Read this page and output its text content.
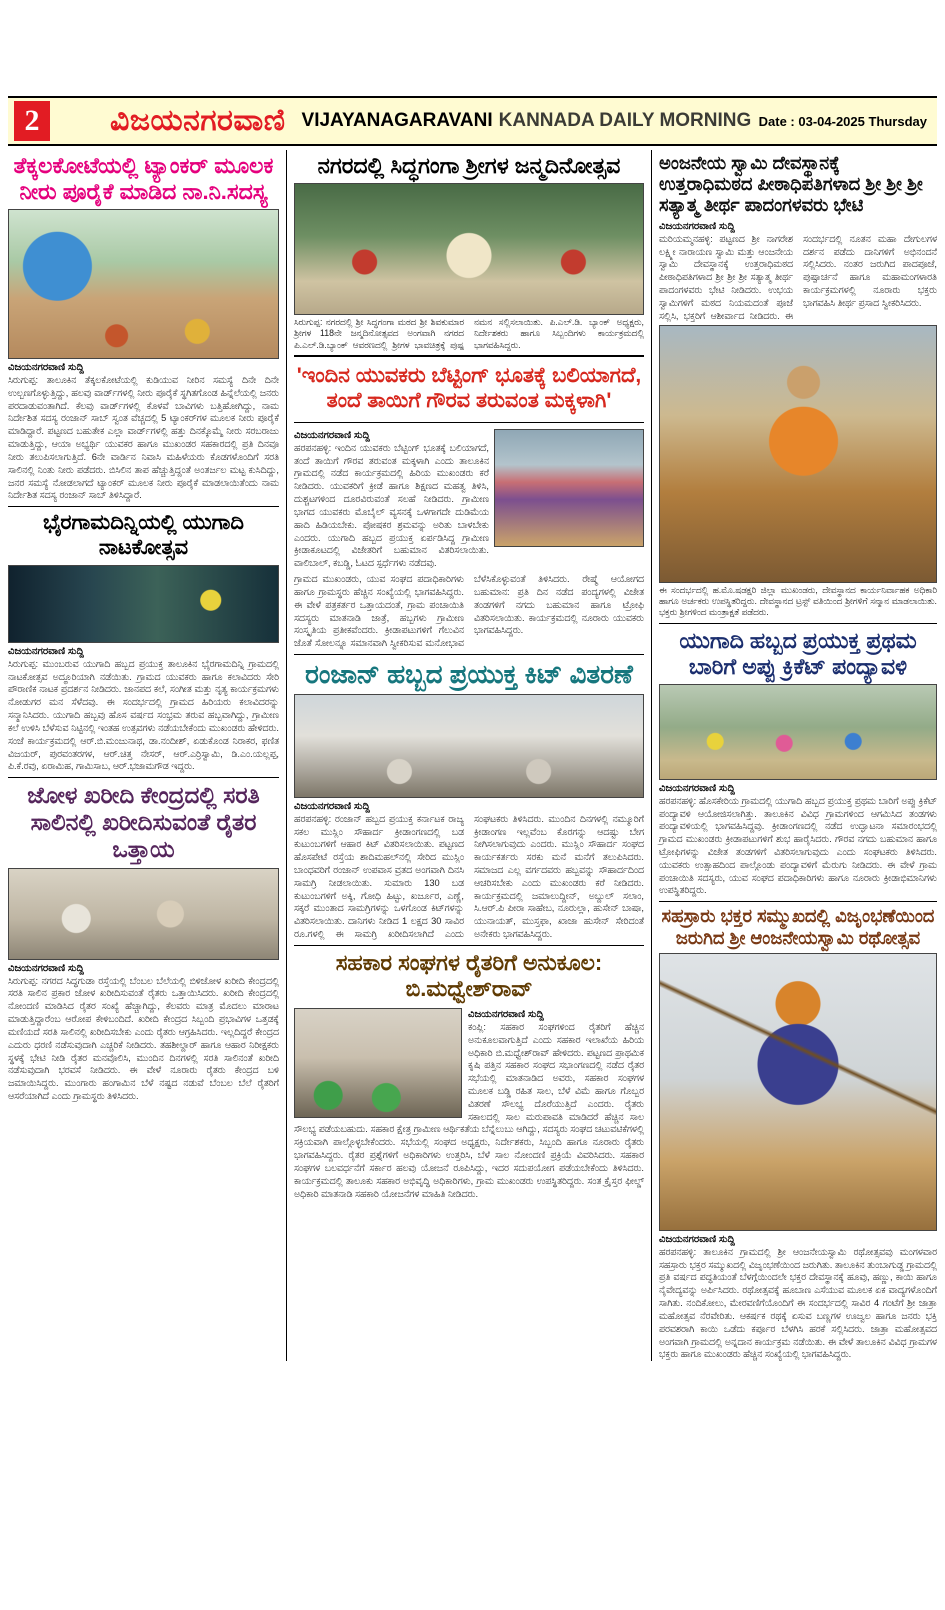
2	ವಿಜಯನಗರವಾಣಿ VIJAYANAGARAVANI KANNADA DAILY MORNING Date : 03-04-2025 Thursday
ತೆಕ್ಕಲಕೋಟೆಯಲ್ಲಿ ಟ್ಯಾಂಕರ್ ಮೂಲಕ ನೀರು ಪೂರೈಕೆ ಮಾಡಿದ ನಾ.ನಿ.ಸದಸ್ಯ
ವಿಜಯನಗರವಾಣಿ ಸುದ್ದಿ
ಸಿರುಗುಪ್ಪ: ತಾಲೂಕಿನ ತೆಕ್ಕಲಕೋಟೆಯಲ್ಲಿ ಕುಡಿಯುವ ನೀರಿನ ಸಮಸ್ಯೆ ದಿನೇ ದಿನೇ ಉಲ್ಬಣಗೊಳ್ಳುತ್ತಿದ್ದು, ಹಲವು ವಾರ್ಡ್‌ಗಳಲ್ಲಿ ನೀರು ಪೂರೈಕೆ ಸ್ಥಗಿತಗೊಂಡ ಹಿನ್ನೆಲೆಯಲ್ಲಿ ಜನರು ಪರದಾಡುವಂತಾಗಿದೆ. ಕೆಲವು ವಾರ್ಡ್‌ಗಳಲ್ಲಿ ಕೊಳವೆ ಬಾವಿಗಳು ಬತ್ತಿಹೋಗಿದ್ದು, ನಾಮ ನಿರ್ದೇಶಿತ ಸದಸ್ಯ ರಂಜಾನ್ ಸಾಬ್ ಸ್ವಂತ ವೆಚ್ಚದಲ್ಲಿ 5 ಟ್ಯಾಂಕರ್‌ಗಳ ಮೂಲಕ ನೀರು ಪೂರೈಕೆ ಮಾಡಿದ್ದಾರೆ. ಪಟ್ಟಣದ ಬಹುತೇಕ ಎಲ್ಲಾ ವಾರ್ಡ್‌ಗಳಲ್ಲಿ ಹತ್ತು ದಿನಕ್ಕೊಮ್ಮೆ ನೀರು ಸರಬರಾಜು ಮಾಡುತ್ತಿದ್ದು, ಆಯಾ ಅಭ್ಯರ್ಥಿ ಯುವಕರ ಹಾಗೂ ಮುಖಂಡರ ಸಹಕಾರದಲ್ಲಿ ಪ್ರತಿ ದಿನವೂ ನೀರು ತಲುಪಿಸಲಾಗುತ್ತಿದೆ. 6ನೇ ವಾರ್ಡಿನ ನಿವಾಸಿ ಮಹಿಳೆಯರು ಕೊಡಗಳೊಂದಿಗೆ ಸರತಿ ಸಾಲಿನಲ್ಲಿ ನಿಂತು ನೀರು ಪಡೆದರು. ಬಿಸಿಲಿನ ತಾಪ ಹೆಚ್ಚುತ್ತಿದ್ದಂತೆ ಅಂತರ್ಜಲ ಮಟ್ಟ ಕುಸಿದಿದ್ದು, ಜನರ ಸಮಸ್ಯೆ ನೋಡಲಾಗದೆ ಟ್ಯಾಂಕರ್ ಮೂಲಕ ನೀರು ಪೂರೈಕೆ ಮಾಡಲಾಯಿತೆಂದು ನಾಮ ನಿರ್ದೇಶಿತ ಸದಸ್ಯ ರಂಜಾನ್ ಸಾಬ್ ತಿಳಿಸಿದ್ದಾರೆ.
ಭೈರಗಾಮದಿನ್ನಿಯಲ್ಲಿ ಯುಗಾದಿ ನಾಟಕೋತ್ಸವ
ವಿಜಯನಗರವಾಣಿ ಸುದ್ದಿ
ಸಿರುಗುಪ್ಪ: ಮುಂಬರುವ ಯುಗಾದಿ ಹಬ್ಬದ ಪ್ರಯುಕ್ತ ತಾಲೂಕಿನ ಭೈರಗಾಮದಿನ್ನಿ ಗ್ರಾಮದಲ್ಲಿ ನಾಟಕೋತ್ಸವ ಅದ್ಧೂರಿಯಾಗಿ ನಡೆಯಿತು. ಗ್ರಾಮದ ಯುವಕರು ಹಾಗೂ ಕಲಾವಿದರು ಸೇರಿ ಪೌರಾಣಿಕ ನಾಟಕ ಪ್ರದರ್ಶನ ನೀಡಿದರು. ಜಾನಪದ ಕಲೆ, ಸಂಗೀತ ಮತ್ತು ನೃತ್ಯ ಕಾರ್ಯಕ್ರಮಗಳು ನೋಡುಗರ ಮನ ಸೆಳೆದವು. ಈ ಸಂದರ್ಭದಲ್ಲಿ ಗ್ರಾಮದ ಹಿರಿಯರು ಕಲಾವಿದರನ್ನು ಸನ್ಮಾನಿಸಿದರು. ಯುಗಾದಿ ಹಬ್ಬವು ಹೊಸ ವರ್ಷದ ಸಂಭ್ರಮ ತರುವ ಹಬ್ಬವಾಗಿದ್ದು, ಗ್ರಾಮೀಣ ಕಲೆ ಉಳಿಸಿ ಬೆಳೆಸುವ ನಿಟ್ಟಿನಲ್ಲಿ ಇಂತಹ ಉತ್ಸವಗಳು ನಡೆಯಬೇಕೆಂದು ಮುಖಂಡರು ಹೇಳಿದರು. ಸಂಜೆ ಕಾರ್ಯಕ್ರಮದಲ್ಲಿ ಆರ್.ಬಿ.ಮಂಜುನಾಥ, ಡಾ.ನಂದೀಶ್, ಏಡುಕೊಂಡ ನಿರಾಕರ, ಫಣಿತ ವಿಜಯರ್, ಪುರವಂತರಗಳ, ಆರ್.ಚಿತ್ತ ನೇಸರ್, ಆರ್.ಎರ್ರಿಸ್ವಾಮಿ, ಡಿ.ಎಂ.ಯಲ್ಲಪ್ಪ, ಪಿ.ಕೆ.ರವು, ಏರಾಮಿಹ, ಗಾಮಿಸಾಬ, ಆರ್.ಭಜಾಮಗೌಡ ಇದ್ದರು.
ಜೋಳ ಖರೀದಿ ಕೇಂದ್ರದಲ್ಲಿ ಸರತಿ ಸಾಲಿನಲ್ಲಿ ಖರೀದಿಸುವಂತೆ ರೈತರ ಒತ್ತಾಯ
ವಿಜಯನಗರವಾಣಿ ಸುದ್ದಿ
ಸಿರುಗುಪ್ಪ: ನಗರದ ಸಿದ್ಧಗುಡಾ ರಸ್ತೆಯಲ್ಲಿ ಬೆಂಬಲ ಬೆಲೆಯಲ್ಲಿ ಬಿಳಿಜೋಳ ಖರೀದಿ ಕೇಂದ್ರದಲ್ಲಿ ಸರತಿ ಸಾಲಿನ ಪ್ರಕಾರ ಜೋಳ ಖರೀದಿಸುವಂತೆ ರೈತರು ಒತ್ತಾಯಿಸಿದರು. ಖರೀದಿ ಕೇಂದ್ರದಲ್ಲಿ ನೋಂದಣಿ ಮಾಡಿಸಿದ ರೈತರ ಸಂಖ್ಯೆ ಹೆಚ್ಚಾಗಿದ್ದು, ಕೆಲವರು ಮಾತ್ರ ಮೊದಲು ಮಾರಾಟ ಮಾಡುತ್ತಿದ್ದಾರೆಂಬ ಆರೋಪ ಕೇಳಿಬಂದಿದೆ. ಖರೀದಿ ಕೇಂದ್ರದ ಸಿಬ್ಬಂದಿ ಪ್ರಭಾವಿಗಳ ಒತ್ತಡಕ್ಕೆ ಮಣಿಯದೆ ಸರತಿ ಸಾಲಿನಲ್ಲಿ ಖರೀದಿಸಬೇಕು ಎಂದು ರೈತರು ಆಗ್ರಹಿಸಿದರು. ಇಲ್ಲದಿದ್ದರೆ ಕೇಂದ್ರದ ಎದುರು ಧರಣಿ ನಡೆಸುವುದಾಗಿ ಎಚ್ಚರಿಕೆ ನೀಡಿದರು. ತಹಶೀಲ್ದಾರ್ ಹಾಗೂ ಆಹಾರ ನಿರೀಕ್ಷಕರು ಸ್ಥಳಕ್ಕೆ ಭೇಟಿ ನೀಡಿ ರೈತರ ಮನವೊಲಿಸಿ, ಮುಂದಿನ ದಿನಗಳಲ್ಲಿ ಸರತಿ ಸಾಲಿನಂತೆ ಖರೀದಿ ನಡೆಸುವುದಾಗಿ ಭರವಸೆ ನೀಡಿದರು. ಈ ವೇಳೆ ನೂರಾರು ರೈತರು ಕೇಂದ್ರದ ಬಳಿ ಜಮಾಯಿಸಿದ್ದರು. ಮುಂಗಾರು ಹಂಗಾಮಿನ ಬೆಳೆ ನಷ್ಟದ ನಡುವೆ ಬೆಂಬಲ ಬೆಲೆ ರೈತರಿಗೆ ಆಸರೆಯಾಗಿದೆ ಎಂದು ಗ್ರಾಮಸ್ಥರು ತಿಳಿಸಿದರು.
ನಗರದಲ್ಲಿ ಸಿದ್ಧಗಂಗಾ ಶ್ರೀಗಳ ಜನ್ಮದಿನೋತ್ಸವ
ಸಿರುಗುಪ್ಪ: ನಗರದಲ್ಲಿ ಶ್ರೀ ಸಿದ್ಧಗಂಗಾ ಮಠದ ಶ್ರೀ ಶಿವಕುಮಾರ ಶ್ರೀಗಳ 118ನೇ ಜನ್ಮದಿನೋತ್ಸವದ ಅಂಗವಾಗಿ ನಗರದ ಪಿ.ಎಲ್.ಡಿ.ಬ್ಯಾಂಕ್ ಆವರಣದಲ್ಲಿ ಶ್ರೀಗಳ ಭಾವಚಿತ್ರಕ್ಕೆ ಪುಷ್ಪ ನಮನ ಸಲ್ಲಿಸಲಾಯಿತು. ಪಿ.ಎಲ್.ಡಿ. ಬ್ಯಾಂಕ್ ಅಧ್ಯಕ್ಷರು, ನಿರ್ದೇಶಕರು ಹಾಗೂ ಸಿಬ್ಬಂದಿಗಳು ಕಾರ್ಯಕ್ರಮದಲ್ಲಿ ಭಾಗವಹಿಸಿದ್ದರು.
'ಇಂದಿನ ಯುವಕರು ಬೆಟ್ಟಿಂಗ್ ಭೂತಕ್ಕೆ ಬಲಿಯಾಗದೆ, ತಂದೆ ತಾಯಿಗೆ ಗೌರವ ತರುವಂತ ಮಕ್ಕಳಾಗಿ'
ವಿಜಯನಗರವಾಣಿ ಸುದ್ದಿ
ಹರಪನಹಳ್ಳಿ: ಇಂದಿನ ಯುವಕರು ಬೆಟ್ಟಿಂಗ್ ಭೂತಕ್ಕೆ ಬಲಿಯಾಗದೆ, ತಂದೆ ತಾಯಿಗೆ ಗೌರವ ತರುವಂತ ಮಕ್ಕಳಾಗಿ ಎಂದು ತಾಲೂಕಿನ ಗ್ರಾಮದಲ್ಲಿ ನಡೆದ ಕಾರ್ಯಕ್ರಮದಲ್ಲಿ ಹಿರಿಯ ಮುಖಂಡರು ಕರೆ ನೀಡಿದರು. ಯುವಕರಿಗೆ ಕ್ರೀಡೆ ಹಾಗೂ ಶಿಕ್ಷಣದ ಮಹತ್ವ ತಿಳಿಸಿ, ದುಶ್ಚಟಗಳಿಂದ ದೂರವಿರುವಂತೆ ಸಲಹೆ ನೀಡಿದರು. ಗ್ರಾಮೀಣ ಭಾಗದ ಯುವಕರು ಮೊಬೈಲ್ ವ್ಯಸನಕ್ಕೆ ಒಳಗಾಗದೇ ದುಡಿಮೆಯ ಹಾದಿ ಹಿಡಿಯಬೇಕು. ಪೋಷಕರ ಶ್ರಮವನ್ನು ಅರಿತು ಬಾಳಬೇಕು ಎಂದರು. ಯುಗಾದಿ ಹಬ್ಬದ ಪ್ರಯುಕ್ತ ಏರ್ಪಡಿಸಿದ್ದ ಗ್ರಾಮೀಣ ಕ್ರೀಡಾಕೂಟದಲ್ಲಿ ವಿಜೇತರಿಗೆ ಬಹುಮಾನ ವಿತರಿಸಲಾಯಿತು. ವಾಲಿಬಾಲ್, ಕಬಡ್ಡಿ, ಓಟದ ಸ್ಪರ್ಧೆಗಳು ನಡೆದವು.
ಗ್ರಾಮದ ಮುಖಂಡರು, ಯುವ ಸಂಘದ ಪದಾಧಿಕಾರಿಗಳು ಹಾಗೂ ಗ್ರಾಮಸ್ಥರು ಹೆಚ್ಚಿನ ಸಂಖ್ಯೆಯಲ್ಲಿ ಭಾಗವಹಿಸಿದ್ದರು. ಈ ವೇಳೆ ಪತ್ರಕರ್ತರ ಒತ್ತಾಯದಂತೆ, ಗ್ರಾಮ ಪಂಚಾಯಿತಿ ಸದಸ್ಯರು ಮಾತನಾಡಿ ಜಾತ್ರೆ, ಹಬ್ಬಗಳು ಗ್ರಾಮೀಣ ಸಂಸ್ಕೃತಿಯ ಪ್ರತೀಕವೆಂದರು. ಕ್ರೀಡಾಪಟುಗಳಿಗೆ ಗೆಲುವಿನ ಜೊತೆ ಸೋಲನ್ನೂ ಸಮಾನವಾಗಿ ಸ್ವೀಕರಿಸುವ ಮನೋಭಾವ ಬೆಳೆಸಿಕೊಳ್ಳುವಂತೆ ತಿಳಿಸಿದರು. ರೇಷ್ಮೆ ಆಯೋಗದ ಬಹುಮಾನ: ಪ್ರತಿ ದಿನ ನಡೆದ ಪಂದ್ಯಗಳಲ್ಲಿ ವಿಜೇತ ತಂಡಗಳಿಗೆ ನಗದು ಬಹುಮಾನ ಹಾಗೂ ಟ್ರೋಫಿ ವಿತರಿಸಲಾಯಿತು. ಕಾರ್ಯಕ್ರಮದಲ್ಲಿ ನೂರಾರು ಯುವಕರು ಭಾಗವಹಿಸಿದ್ದರು.
ರಂಜಾನ್ ಹಬ್ಬದ ಪ್ರಯುಕ್ತ ಕಿಟ್ ವಿತರಣೆ
ವಿಜಯನಗರವಾಣಿ ಸುದ್ದಿ
ಹರಪನಹಳ್ಳಿ: ರಂಜಾನ್ ಹಬ್ಬದ ಪ್ರಯುಕ್ತ ಕರ್ನಾಟಕ ರಾಜ್ಯ ಸಕಲ ಮುಸ್ಲಿಂ ಸೌಹಾರ್ದ ಕ್ರೀಡಾಂಗಣದಲ್ಲಿ ಬಡ ಕುಟುಂಬಗಳಿಗೆ ಆಹಾರ ಕಿಟ್ ವಿತರಿಸಲಾಯಿತು. ಪಟ್ಟಣದ ಹೊಸಪೇಟೆ ರಸ್ತೆಯ ಶಾದಿಮಹಲ್‌ನಲ್ಲಿ ಸೇರಿದ ಮುಸ್ಲಿಂ ಬಾಂಧವರಿಗೆ ರಂಜಾನ್ ಉಪವಾಸ ವ್ರತದ ಅಂಗವಾಗಿ ದಿನಸಿ ಸಾಮಗ್ರಿ ನೀಡಲಾಯಿತು. ಸುಮಾರು 130 ಬಡ ಕುಟುಂಬಗಳಿಗೆ ಅಕ್ಕಿ, ಗೋಧಿ ಹಿಟ್ಟು, ಖರ್ಜೂರ, ಎಣ್ಣೆ, ಸಕ್ಕರೆ ಮುಂತಾದ ಸಾಮಗ್ರಿಗಳನ್ನು ಒಳಗೊಂಡ ಕಿಟ್‌ಗಳನ್ನು ವಿತರಿಸಲಾಯಿತು. ದಾನಿಗಳು ನೀಡಿದ 1 ಲಕ್ಷದ 30 ಸಾವಿರ ರೂ.ಗಳಲ್ಲಿ ಈ ಸಾಮಗ್ರಿ ಖರೀದಿಸಲಾಗಿದೆ ಎಂದು ಸಂಘಟಕರು ತಿಳಿಸಿದರು. ಮುಂದಿನ ದಿನಗಳಲ್ಲಿ ನಮ್ಮೂರಿಗೆ ಕ್ರೀಡಾಂಗಣ ಇಲ್ಲವೆಂಬ ಕೊರಗನ್ನು ಆದಷ್ಟು ಬೇಗ ನೀಗಿಸಲಾಗುವುದು ಎಂದರು. ಮುಸ್ಲಿಂ ಸೌಹಾರ್ದ ಸಂಘದ ಕಾರ್ಯಕರ್ತರು ಸರಕು ಮನೆ ಮನೆಗೆ ತಲುಪಿಸಿದರು. ಸಮಾಜದ ಎಲ್ಲ ವರ್ಗದವರು ಹಬ್ಬವನ್ನು ಸೌಹಾರ್ದದಿಂದ ಆಚರಿಸಬೇಕು ಎಂದು ಮುಖಂಡರು ಕರೆ ನೀಡಿದರು. ಕಾರ್ಯಕ್ರಮದಲ್ಲಿ ಜಮಾಲುದ್ದೀನ್, ಅಬ್ದುಲ್ ಸಲಾಂ, ಸಿ.ಆರ್.ಪಿ ಪೀರಾ ಸಾಹೇಬ, ನೂರುಲ್ಲಾ, ಹುಸೇನ್ ಬಾಷಾ, ಯುನಾಯತ್, ಮುಸ್ತಫಾ, ಖಾಜಾ ಹುಸೇನ್ ಸೇರಿದಂತೆ ಅನೇಕರು ಭಾಗವಹಿಸಿದ್ದರು.
ಸಹಕಾರ ಸಂಘಗಳ ರೈತರಿಗೆ ಅನುಕೂಲ: ಬಿ.ಮಧ್ವೇಶ್‌ರಾವ್
ವಿಜಯನಗರವಾಣಿ ಸುದ್ದಿ
ಕಂಪ್ಲಿ: ಸಹಕಾರ ಸಂಘಗಳಿಂದ ರೈತರಿಗೆ ಹೆಚ್ಚಿನ ಅನುಕೂಲವಾಗುತ್ತಿದೆ ಎಂದು ಸಹಕಾರ ಇಲಾಖೆಯ ಹಿರಿಯ ಅಧಿಕಾರಿ ಬಿ.ಮಧ್ವೇಶ್‌ರಾವ್ ಹೇಳಿದರು. ಪಟ್ಟಣದ ಪ್ರಾಥಮಿಕ ಕೃಷಿ ಪತ್ತಿನ ಸಹಕಾರ ಸಂಘದ ಸಭಾಂಗಣದಲ್ಲಿ ನಡೆದ ರೈತರ ಸಭೆಯಲ್ಲಿ ಮಾತನಾಡಿದ ಅವರು, ಸಹಕಾರ ಸಂಘಗಳ ಮೂಲಕ ಬಡ್ಡಿ ರಹಿತ ಸಾಲ, ಬೆಳೆ ವಿಮೆ ಹಾಗೂ ಗೊಬ್ಬರ ವಿತರಣೆ ಸೌಲಭ್ಯ ದೊರೆಯುತ್ತಿದೆ ಎಂದರು. ರೈತರು ಸಕಾಲದಲ್ಲಿ ಸಾಲ ಮರುಪಾವತಿ ಮಾಡಿದರೆ ಹೆಚ್ಚಿನ ಸಾಲ ಸೌಲಭ್ಯ ಪಡೆಯಬಹುದು. ಸಹಕಾರ ಕ್ಷೇತ್ರ ಗ್ರಾಮೀಣ ಆರ್ಥಿಕತೆಯ ಬೆನ್ನೆಲುಬು ಆಗಿದ್ದು, ಸದಸ್ಯರು ಸಂಘದ ಚಟುವಟಿಕೆಗಳಲ್ಲಿ ಸಕ್ರಿಯವಾಗಿ ಪಾಲ್ಗೊಳ್ಳಬೇಕೆಂದರು. ಸಭೆಯಲ್ಲಿ ಸಂಘದ ಅಧ್ಯಕ್ಷರು, ನಿರ್ದೇಶಕರು, ಸಿಬ್ಬಂದಿ ಹಾಗೂ ನೂರಾರು ರೈತರು ಭಾಗವಹಿಸಿದ್ದರು. ರೈತರ ಪ್ರಶ್ನೆಗಳಿಗೆ ಅಧಿಕಾರಿಗಳು ಉತ್ತರಿಸಿ, ಬೆಳೆ ಸಾಲ ನೋಂದಣಿ ಪ್ರಕ್ರಿಯೆ ವಿವರಿಸಿದರು. ಸಹಕಾರ ಸಂಘಗಳ ಬಲವರ್ಧನೆಗೆ ಸರ್ಕಾರ ಹಲವು ಯೋಜನೆ ರೂಪಿಸಿದ್ದು, ಇದರ ಸದುಪಯೋಗ ಪಡೆಯಬೇಕೆಂದು ತಿಳಿಸಿದರು. ಕಾರ್ಯಕ್ರಮದಲ್ಲಿ ತಾಲೂಕು ಸಹಕಾರ ಅಭಿವೃದ್ಧಿ ಅಧಿಕಾರಿಗಳು, ಗ್ರಾಮ ಮುಖಂಡರು ಉಪಸ್ಥಿತರಿದ್ದರು. ಸಂತ ಕ್ರೈಸ್ತರ ಫೀಲ್ಡ್ ಅಧಿಕಾರಿ ಮಾತನಾಡಿ ಸಹಕಾರಿ ಯೋಜನೆಗಳ ಮಾಹಿತಿ ನೀಡಿದರು.
ಅಂಜನೇಯ ಸ್ವಾಮಿ ದೇವಸ್ಥಾನಕ್ಕೆ ಉತ್ತರಾಧಿಮಠದ ಪೀಠಾಧಿಪತಿಗಳಾದ ಶ್ರೀ ಶ್ರೀ ಶ್ರೀ ಸತ್ಯಾತ್ಮ ತೀರ್ಥ ಪಾದಂಗಳವರು ಭೇಟಿ
ವಿಜಯನಗರವಾಣಿ ಸುದ್ದಿ
ಮರಿಯಮ್ಮನಹಳ್ಳಿ: ಪಟ್ಟಣದ ಶ್ರೀ ನಾಗರೇಶ ಲಕ್ಷ್ಮೀ ನಾರಾಯಣ ಸ್ವಾಮಿ ಮತ್ತು ಆಂಜನೇಯ ಸ್ವಾಮಿ ದೇವಸ್ಥಾನಕ್ಕೆ ಉತ್ತರಾಧಿಮಠದ ಪೀಠಾಧಿಪತಿಗಳಾದ ಶ್ರೀ ಶ್ರೀ ಶ್ರೀ ಸತ್ಯಾತ್ಮ ತೀರ್ಥ ಪಾದಂಗಳವರು ಭೇಟಿ ನೀಡಿದರು. ಉಭಯ ಸ್ವಾಮಿಗಳಿಗೆ ಮಠದ ನಿಯಮದಂತೆ ಪೂಜೆ ಸಲ್ಲಿಸಿ, ಭಕ್ತರಿಗೆ ಆಶೀರ್ವಾದ ನೀಡಿದರು. ಈ ಸಂದರ್ಭದಲ್ಲಿ ನೂತನ ಮಹಾ ದೇಗುಲಗಳ ದರ್ಶನ ಪಡೆದು ದಾನಿಗಳಿಗೆ ಅಭಿನಂದನೆ ಸಲ್ಲಿಸಿದರು. ನಂತರ ಜರುಗಿದ ಪಾದಪೂಜೆ, ಪುಷ್ಪಾರ್ಚನೆ ಹಾಗೂ ಮಹಾಮಂಗಳಾರತಿ ಕಾರ್ಯಕ್ರಮಗಳಲ್ಲಿ ನೂರಾರು ಭಕ್ತರು ಭಾಗವಹಿಸಿ ತೀರ್ಥ ಪ್ರಸಾದ ಸ್ವೀಕರಿಸಿದರು.
ಈ ಸಂದರ್ಭದಲ್ಲಿ ಹ.ಮೊ.ಷಡಕ್ಷರಿ ಜಿಲ್ಲಾ ಮುಖಂಡರು, ದೇವಸ್ಥಾನದ ಕಾರ್ಯನಿರ್ವಾಹಕ ಅಧಿಕಾರಿ ಹಾಗೂ ಅರ್ಚಕರು ಉಪಸ್ಥಿತರಿದ್ದರು. ದೇವಸ್ಥಾನದ ಟ್ರಸ್ಟ್ ವತಿಯಿಂದ ಶ್ರೀಗಳಿಗೆ ಸನ್ಮಾನ ಮಾಡಲಾಯಿತು. ಭಕ್ತರು ಶ್ರೀಗಳಿಂದ ಮಂತ್ರಾಕ್ಷತೆ ಪಡೆದರು.
ಯುಗಾದಿ ಹಬ್ಬದ ಪ್ರಯುಕ್ತ ಪ್ರಥಮ ಬಾರಿಗೆ ಅಪ್ಪು ಕ್ರಿಕೆಟ್ ಪಂದ್ಯಾವಳಿ
ವಿಜಯನಗರವಾಣಿ ಸುದ್ದಿ
ಹರಪನಹಳ್ಳಿ: ಹೊಸಕೇರಿಯ ಗ್ರಾಮದಲ್ಲಿ ಯುಗಾದಿ ಹಬ್ಬದ ಪ್ರಯುಕ್ತ ಪ್ರಥಮ ಬಾರಿಗೆ ಅಪ್ಪು ಕ್ರಿಕೆಟ್ ಪಂದ್ಯಾವಳಿ ಆಯೋಜಿಸಲಾಗಿತ್ತು. ತಾಲೂಕಿನ ವಿವಿಧ ಗ್ರಾಮಗಳಿಂದ ಆಗಮಿಸಿದ ತಂಡಗಳು ಪಂದ್ಯಾವಳಿಯಲ್ಲಿ ಭಾಗವಹಿಸಿದ್ದವು. ಕ್ರೀಡಾಂಗಣದಲ್ಲಿ ನಡೆದ ಉದ್ಘಾಟನಾ ಸಮಾರಂಭದಲ್ಲಿ ಗ್ರಾಮದ ಮುಖಂಡರು ಕ್ರೀಡಾಪಟುಗಳಿಗೆ ಶುಭ ಹಾರೈಸಿದರು. ಗೌರವ ನಗದು ಬಹುಮಾನ ಹಾಗೂ ಟ್ರೋಫಿಗಳನ್ನು ವಿಜೇತ ತಂಡಗಳಿಗೆ ವಿತರಿಸಲಾಗುವುದು ಎಂದು ಸಂಘಟಕರು ತಿಳಿಸಿದರು. ಯುವಕರು ಉತ್ಸಾಹದಿಂದ ಪಾಲ್ಗೊಂಡು ಪಂದ್ಯಾವಳಿಗೆ ಮೆರುಗು ನೀಡಿದರು. ಈ ವೇಳೆ ಗ್ರಾಮ ಪಂಚಾಯಿತಿ ಸದಸ್ಯರು, ಯುವ ಸಂಘದ ಪದಾಧಿಕಾರಿಗಳು ಹಾಗೂ ನೂರಾರು ಕ್ರೀಡಾಭಿಮಾನಿಗಳು ಉಪಸ್ಥಿತರಿದ್ದರು.
ಸಹಸ್ರಾರು ಭಕ್ತರ ಸಮ್ಮುಖದಲ್ಲಿ ವಿಜೃಂಭಣೆಯಿಂದ ಜರುಗಿದ ಶ್ರೀ ಆಂಜನೇಯಸ್ವಾಮಿ ರಥೋತ್ಸವ
ವಿಜಯನಗರವಾಣಿ ಸುದ್ದಿ
ಹರಪನಹಳ್ಳಿ: ತಾಲೂಕಿನ ಗ್ರಾಮದಲ್ಲಿ ಶ್ರೀ ಆಂಜನೇಯಸ್ವಾಮಿ ರಥೋತ್ಸವವು ಮಂಗಳವಾರ ಸಹಸ್ರಾರು ಭಕ್ತರ ಸಮ್ಮುಖದಲ್ಲಿ ವಿಜೃಂಭಣೆಯಿಂದ ಜರುಗಿತು. ತಾಲೂಕಿನ ತುಂಬಾಗುಡ್ಡ ಗ್ರಾಮದಲ್ಲಿ ಪ್ರತಿ ವರ್ಷದ ಪದ್ಧತಿಯಂತೆ ಬೆಳಗ್ಗೆಯಿಂದಲೇ ಭಕ್ತರ ದೇವಸ್ಥಾನಕ್ಕೆ ಹೂವು, ಹಣ್ಣು, ಕಾಯಿ ಹಾಗೂ ನೈವೇದ್ಯವನ್ನು ಅರ್ಪಿಸಿದರು. ರಥೋತ್ಸವಕ್ಕೆ ಹೂಬಾಣ ಎಸೆಯುವ ಮೂಲಕ ಏಕ ವಾದ್ಯಗಳೊಂದಿಗೆ ಸಾಗಿತು. ನಂದಿಕೋಲು, ಮೇರವಣಿಗೆಯೊಂದಿಗೆ ಈ ಸಂದರ್ಭದಲ್ಲಿ ಸಾವಿರ 4 ಗಂಟೆಗೆ ಶ್ರೀ ಜಾತ್ರಾ ಮಹೋತ್ಸವ ನೆರವೇರಿತು. ಆಕರ್ಷಕ ರಥಕ್ಕೆ ಏಸುವ ಬಣ್ಣಗಳ ಊಜ್ವಲ ಹಾಗೂ ಜನರು ಭಕ್ತಿ ಪರವಶರಾಗಿ ಕಾಯಿ ಒಡೆದು ಕರ್ಪೂರ ಬೆಳಗಿಸಿ ಹರಕೆ ಸಲ್ಲಿಸಿದರು. ಜಾತ್ರಾ ಮಹೋತ್ಸವದ ಅಂಗವಾಗಿ ಗ್ರಾಮದಲ್ಲಿ ಅನ್ನದಾನ ಕಾರ್ಯಕ್ರಮ ನಡೆಯಿತು. ಈ ವೇಳೆ ತಾಲೂಕಿನ ವಿವಿಧ ಗ್ರಾಮಗಳ ಭಕ್ತರು ಹಾಗೂ ಮುಖಂಡರು ಹೆಚ್ಚಿನ ಸಂಖ್ಯೆಯಲ್ಲಿ ಭಾಗವಹಿಸಿದ್ದರು.
